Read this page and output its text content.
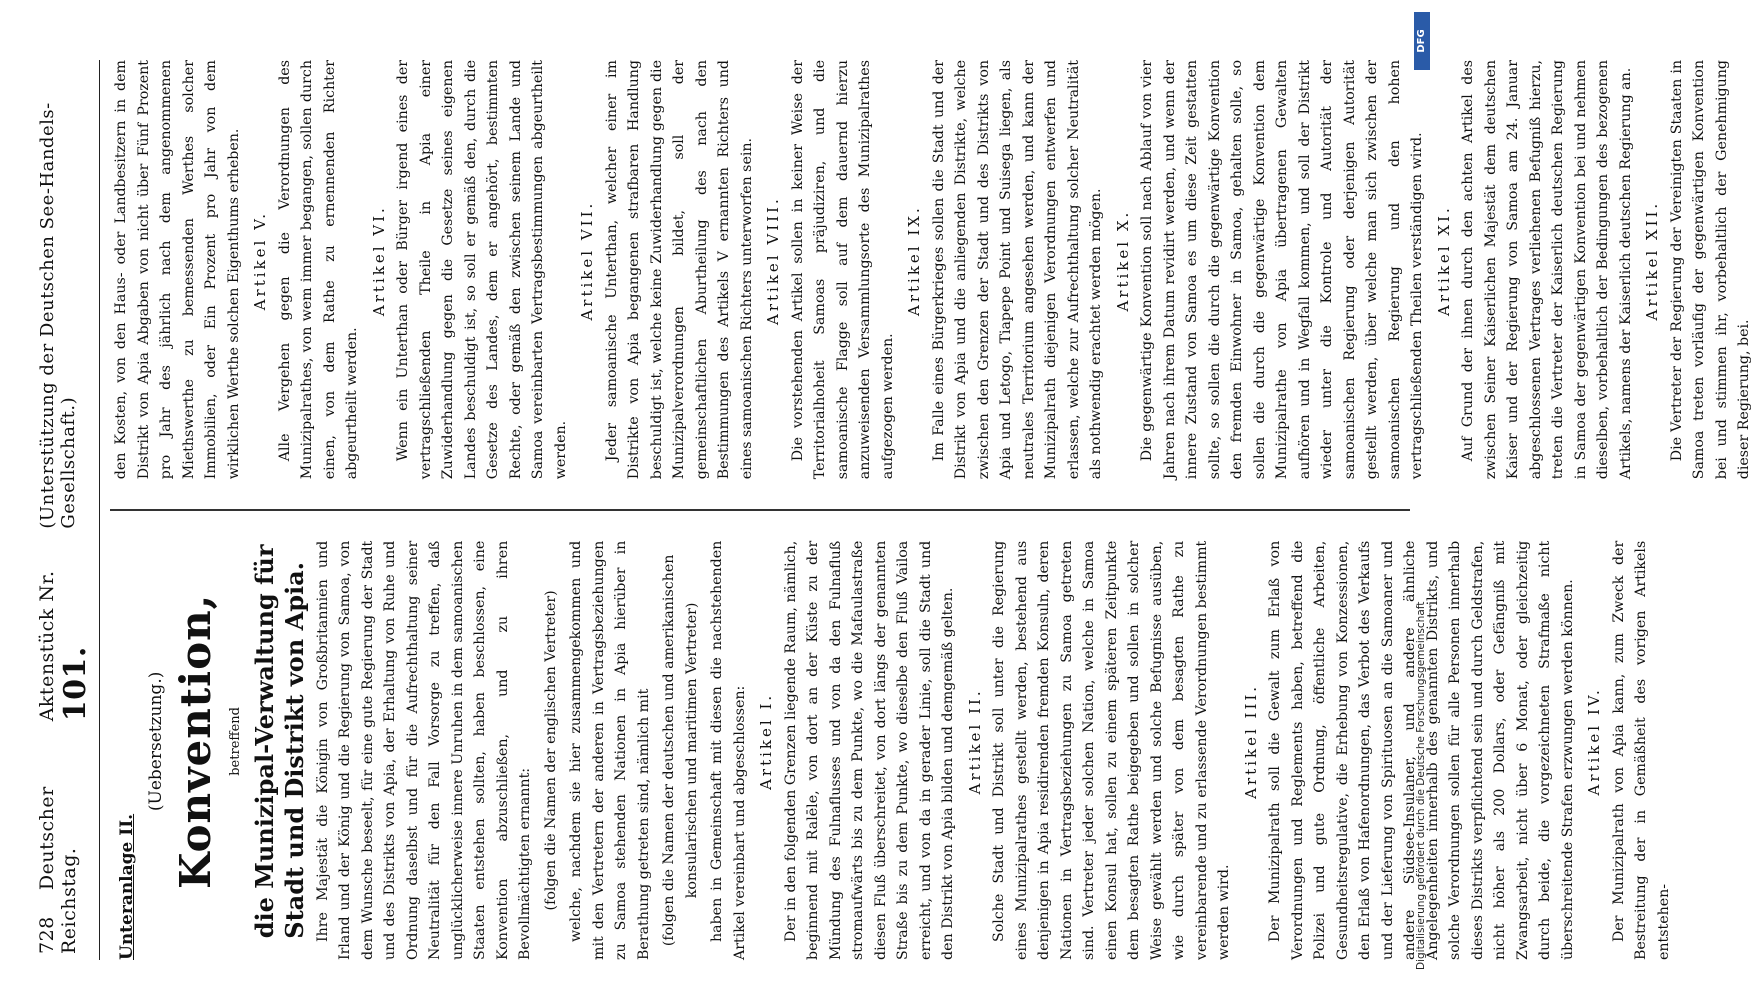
728    Deutscher Reichstag.
Aktenstück Nr. 101.
(Unterstützung der Deutschen See-Handels-Gesellschaft.)

Unteranlage II.

(Uebersetzung.) Konvention, betreffend die Munizipal-Verwaltung für Stadt und Distrikt von Apia. Ihre Majestät die Königin von Großbritannien und Irland und der König und die Regierung von Samoa, von dem Wunsche beseelt, für eine gute Regierung der Stadt und des Distrikts von Apia, der Erhaltung von Ruhe und Ordnung daselbst und für die Aufrechthaltung seiner Neutralität für den Fall Vorsorge zu treffen, daß unglücklicherweise innere Unruhen in dem samoanischen Staaten entstehen sollten, haben beschlossen, eine Konvention abzuschließen, und zu ihren Bevollmächtigten ernannt: (folgen die Namen der englischen Vertreter) welche, nachdem sie hier zusammengekommen und mit den Vertretern der anderen in Vertragsbeziehungen zu Samoa stehenden Nationen in Apia hierüber in Berathung getreten sind, nämlich mit (folgen die Namen der deutschen und amerikanischen konsularischen und maritimen Vertreter) haben in Gemeinschaft mit diesen die nachstehenden Artikel vereinbart und abgeschlossen: Artikel I. Der in den folgenden Grenzen liegende Raum, nämlich, beginnend mit Ralēle, von dort an der Küste zu der Mündung des Fulnaflusses und von da den Fulnafluß stromaufwärts bis zu dem Punkte, wo die Mafaulastraße diesen Fluß überschreitet, von dort längs der genannten Straße bis zu dem Punkte, wo dieselbe den Fluß Vailoa erreicht, und von da in gerader Linie, soll die Stadt und den Distrikt von Apia bilden und demgemäß gelten. Artikel II. Solche Stadt und Distrikt soll unter die Regierung eines Munizipalrathes gestellt werden, bestehend aus denjenigen in Apia residirenden fremden Konsuln, deren Nationen in Vertragsbeziehungen zu Samoa getreten sind. Vertreter jeder solchen Nation, welche in Samoa einen Konsul hat, sollen zu einem späteren Zeitpunkte dem besagten Rathe beigegeben und sollen in solcher Weise gewählt werden und solche Befugnisse ausüben, wie durch später von dem besagten Rathe zu vereinbarende und zu erlassende Verordnungen bestimmt werden wird.

Artikel III. Der Munizipalrath soll die Gewalt zum Erlaß von Verordnungen und Reglements haben, betreffend die Polizei und gute Ordnung, öffentliche Arbeiten, Gesundheitsregulative, die Erhebung von Konzessionen, den Erlaß von Hafenordnungen, das Verbot des Verkaufs und der Lieferung von Spirituosen an die Samoaner und andere Südsee-Insulaner, und andere ähnliche Angelegenheiten innerhalb des genannten Distrikts, und solche Verordnungen sollen für alle Personen innerhalb dieses Distrikts verpflichtend sein und durch Geldstrafen, nicht höher als 200 Dollars, oder Gefängniß mit Zwangsarbeit, nicht über 6 Monat, oder gleichzeitig durch beide, die vorgezeichneten Strafmaße nicht überschreitende Strafen erzwungen werden können. Artikel IV. Der Munizipalrath von Apia kann, zum Zweck der Bestreitung der in Gemäßheit des vorigen Artikels entstehen-

den Kosten, von den Haus- oder Landbesitzern in dem Distrikt von Apia Abgaben von nicht über Fünf Prozent pro Jahr des jährlich nach dem angenommenen Miethswerthe zu bemessenden Werthes solcher Immobilien, oder Ein Prozent pro Jahr von dem wirklichen Werthe solchen Eigenthums erheben. Artikel V. Alle Vergehen gegen die Verordnungen des Munizipalrathes, von wem immer begangen, sollen durch einen, von dem Rathe zu ernennenden Richter abgeurtheilt werden.

Artikel VI. Wenn ein Unterthan oder Bürger irgend eines der vertragschließenden Theile in Apia einer Zuwiderhandlung gegen die Gesetze seines eigenen Landes beschuldigt ist, so soll er gemäß den, durch die Gesetze des Landes, dem er angehört, bestimmten Rechte, oder gemäß den zwischen seinem Lande und Samoa vereinbarten Vertragsbestimmungen abgeurtheilt werden.

Artikel VII. Jeder samoanische Unterthan, welcher einer im Distrikte von Apia begangenen strafbaren Handlung beschuldigt ist, welche keine Zuwiderhandlung gegen die Munizipalverordnungen bildet, soll der gemeinschaftlichen Aburtheilung des nach den Bestimmungen des Artikels V ernannten Richters und eines samoanischen Richters unterworfen sein. Artikel VIII. Die vorstehenden Artikel sollen in keiner Weise der Territorialhoheit Samoas präjudiziren, und die samoanische Flagge soll auf dem dauernd hierzu anzuweisenden Versammlungsorte des Munizipalrathes aufgezogen werden.

Artikel IX. Im Falle eines Bürgerkrieges sollen die Stadt und der Distrikt von Apia und die anliegenden Distrikte, welche zwischen den Grenzen der Stadt und des Distrikts von Apia und Letogo, Tiapepe Point und Suisega liegen, als neutrales Territorium angesehen werden, und kann der Munizipalrath diejenigen Verordnungen entwerfen und erlassen, welche zur Aufrechthaltung solcher Neutralität als nothwendig erachtet werden mögen. Artikel X. Die gegenwärtige Konvention soll nach Ablauf von vier Jahren nach ihrem Datum revidirt werden, und wenn der innere Zustand von Samoa es um diese Zeit gestatten sollte, so sollen die durch die gegenwärtige Konvention den fremden Einwohner in Samoa, gehalten solle, so sollen die durch die gegenwärtige Konvention dem Munizipalrathe von Apia übertragenen Gewalten aufhören und in Wegfall kommen, und soll der Distrikt wieder unter die Kontrole und Autorität der samoanischen Regierung oder derjenigen Autorität gestellt werden, über welche man sich zwischen der samoanischen Regierung und den hohen vertragschließenden Theilen verständigen wird. Artikel XI. Auf Grund der ihnen durch den achten Artikel des zwischen Seiner Kaiserlichen Majestät dem deutschen Kaiser und der Regierung von Samoa am 24. Januar abgeschlossenen Vertrages verliehenen Befugniß hierzu, treten die Vertreter der Kaiserlich deutschen Regierung in Samoa der gegenwärtigen Konvention bei und nehmen dieselben, vorbehaltlich der Bedingungen des bezogenen Artikels, namens der Kaiserlich deutschen Regierung an. Artikel XII. Die Vertreter der Regierung der Vereinigten Staaten in Samoa treten vorläufig der gegenwärtigen Konvention bei und stimmen ihr, vorbehaltlich der Genehmigung dieser Regierung, bei.

DFG
Digitalisierung gefördert durch die Deutsche Forschungsgemeinschaft
